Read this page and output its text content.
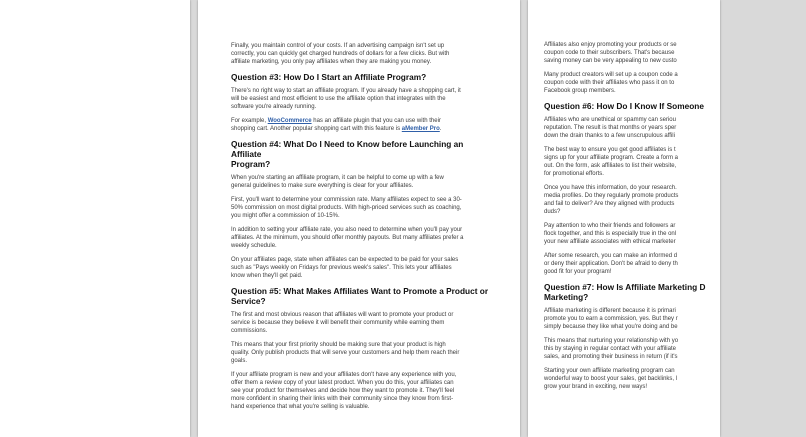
Finally, you maintain control of your costs. If an advertising campaign isn't set up
correctly, you can quickly get charged hundreds of dollars for a few clicks. But with
affiliate marketing, you only pay affiliates when they are making you money.

Question #3: How Do I Start an Affiliate Program?

There's no right way to start an affiliate program. If you already have a shopping cart, it
will be easiest and most efficient to use the affiliate option that integrates with the
software you're already running.

For example, WooCommerce has an affiliate plugin that you can use with their
shopping cart. Another popular shopping cart with this feature is aMember Pro.

Question #4: What Do I Need to Know before Launching an Affiliate
Program?

When you're starting an affiliate program, it can be helpful to come up with a few
general guidelines to make sure everything is clear for your affiliates.

First, you'll want to determine your commission rate. Many affiliates expect to see a 30-
50% commission on most digital products. With high-priced services such as coaching,
you might offer a commission of 10-15%.

In addition to setting your affiliate rate, you also need to determine when you'll pay your
affiliates. At the minimum, you should offer monthly payouts. But many affiliates prefer a
weekly schedule.

On your affiliates page, state when affiliates can be expected to be paid for your sales
such as "Pays weekly on Fridays for previous week's sales". This lets your affiliates
know when they'll get paid.

Question #5: What Makes Affiliates Want to Promote a Product or
Service?

The first and most obvious reason that affiliates will want to promote your product or
service is because they believe it will benefit their community while earning them
commissions.

This means that your first priority should be making sure that your product is high
quality. Only publish products that will serve your customers and help them reach their
goals.

If your affiliate program is new and your affiliates don't have any experience with you,
offer them a review copy of your latest product. When you do this, your affiliates can
see your product for themselves and decide how they want to promote it. They'll feel
more confident in sharing their links with their community since they know from first-
hand experience that what you're selling is valuable.

Affiliates also enjoy promoting your products or se
coupon code to their subscribers. That's because
saving money can be very appealing to new custo

Many product creators will set up a coupon code a
coupon code with their affiliates who pass it on to
Facebook group members.

Question #6: How Do I Know If Someone

Affiliates who are unethical or spammy can seriou
reputation. The result is that months or years sper
down the drain thanks to a few unscrupulous affili

The best way to ensure you get good affiliates is t
signs up for your affiliate program. Create a form a
out. On the form, ask affiliates to list their website,
for promotional efforts.

Once you have this information, do your research.
media profiles. Do they regularly promote products
and fail to deliver? Are they aligned with products
duds?

Pay attention to who their friends and followers ar
flock together, and this is especially true in the onl
your new affiliate associates with ethical marketer

After some research, you can make an informed d
or deny their application. Don't be afraid to deny th
good fit for your program!

Question #7: How Is Affiliate Marketing D
Marketing?

Affiliate marketing is different because it is primari
promote you to earn a commission, yes. But they r
simply because they like what you're doing and be

This means that nurturing your relationship with yo
this by staying in regular contact with your affiliate
sales, and promoting their business in return (if it's

Starting your own affiliate marketing program can
wonderful way to boost your sales, get backlinks, l
grow your brand in exciting, new ways!
